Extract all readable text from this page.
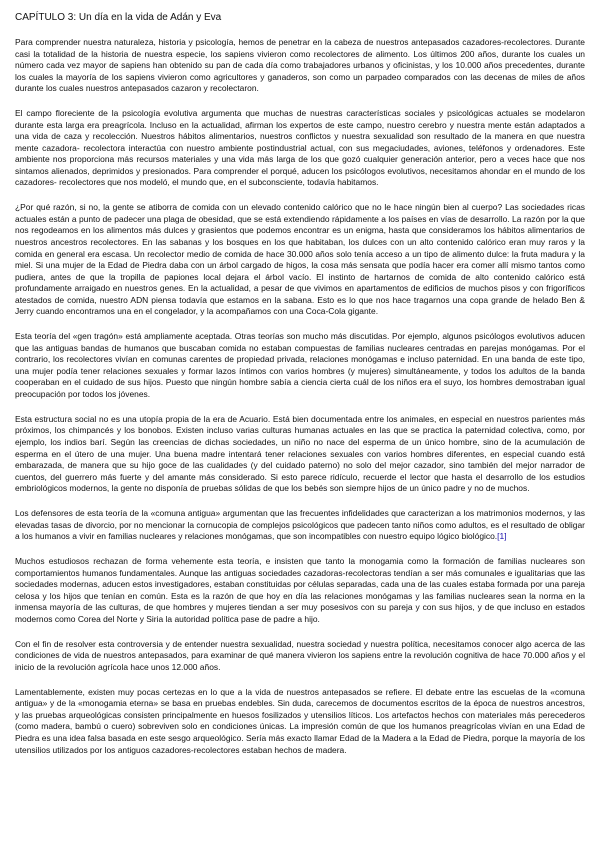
CAPÍTULO 3: Un día en la vida de Adán y Eva

Para comprender nuestra naturaleza, historia y psicología, hemos de penetrar en la cabeza de nuestros antepasados cazadores-recolectores. Durante casi la totalidad de la historia de nuestra especie, los sapiens vivieron como recolectores de alimento. Los últimos 200 años, durante los cuales un número cada vez mayor de sapiens han obtenido su pan de cada día como trabajadores urbanos y oficinistas, y los 10.000 años precedentes, durante los cuales la mayoría de los sapiens vivieron como agricultores y ganaderos, son como un parpadeo comparados con las decenas de miles de años durante los cuales nuestros antepasados cazaron y recolectaron.

El campo floreciente de la psicología evolutiva argumenta que muchas de nuestras características sociales y psicológicas actuales se modelaron durante esta larga era preagrícola. Incluso en la actualidad, afirman los expertos de este campo, nuestro cerebro y nuestra mente están adaptados a una vida de caza y recolección. Nuestros hábitos alimentarios, nuestros conflictos y nuestra sexualidad son resultado de la manera en que nuestra mente cazadora- recolectora interactúa con nuestro ambiente postindustrial actual, con sus megaciudades, aviones, teléfonos y ordenadores. Este ambiente nos proporciona más recursos materiales y una vida más larga de los que gozó cualquier generación anterior, pero a veces hace que nos sintamos alienados, deprimidos y presionados. Para comprender el porqué, aducen los psicólogos evolutivos, necesitamos ahondar en el mundo de los cazadores- recolectores que nos modeló, el mundo que, en el subconsciente, todavía habitamos.

¿Por qué razón, si no, la gente se atiborra de comida con un elevado contenido calórico que no le hace ningún bien al cuerpo? Las sociedades ricas actuales están a punto de padecer una plaga de obesidad, que se está extendiendo rápidamente a los países en vías de desarrollo. La razón por la que nos regodeamos en los alimentos más dulces y grasientos que podemos encontrar es un enigma, hasta que consideramos los hábitos alimentarios de nuestros ancestros recolectores. En las sabanas y los bosques en los que habitaban, los dulces con un alto contenido calórico eran muy raros y la comida en general era escasa. Un recolector medio de comida de hace 30.000 años solo tenía acceso a un tipo de alimento dulce: la fruta madura y la miel. Si una mujer de la Edad de Piedra daba con un árbol cargado de higos, la cosa más sensata que podía hacer era comer allí mismo tantos como pudiera, antes de que la tropilla de papiones local dejara el árbol vacío. El instinto de hartarnos de comida de alto contenido calórico está profundamente arraigado en nuestros genes. En la actualidad, a pesar de que vivimos en apartamentos de edificios de muchos pisos y con frigoríficos atestados de comida, nuestro ADN piensa todavía que estamos en la sabana. Esto es lo que nos hace tragarnos una copa grande de helado Ben & Jerry cuando encontramos una en el congelador, y la acompañamos con una Coca-Cola gigante.

Esta teoría del «gen tragón» está ampliamente aceptada. Otras teorías son mucho más discutidas. Por ejemplo, algunos psicólogos evolutivos aducen que las antiguas bandas de humanos que buscaban comida no estaban compuestas de familias nucleares centradas en parejas monógamas. Por el contrario, los recolectores vivían en comunas carentes de propiedad privada, relaciones monógamas e incluso paternidad. En una banda de este tipo, una mujer podía tener relaciones sexuales y formar lazos íntimos con varios hombres (y mujeres) simultáneamente, y todos los adultos de la banda cooperaban en el cuidado de sus hijos. Puesto que ningún hombre sabía a ciencia cierta cuál de los niños era el suyo, los hombres demostraban igual preocupación por todos los jóvenes.

Esta estructura social no es una utopía propia de la era de Acuario. Está bien documentada entre los animales, en especial en nuestros parientes más próximos, los chimpancés y los bonobos. Existen incluso varias culturas humanas actuales en las que se practica la paternidad colectiva, como, por ejemplo, los indios barí. Según las creencias de dichas sociedades, un niño no nace del esperma de un único hombre, sino de la acumulación de esperma en el útero de una mujer. Una buena madre intentará tener relaciones sexuales con varios hombres diferentes, en especial cuando está embarazada, de manera que su hijo goce de las cualidades (y del cuidado paterno) no solo del mejor cazador, sino también del mejor narrador de cuentos, del guerrero más fuerte y del amante más considerado. Si esto parece ridículo, recuerde el lector que hasta el desarrollo de los estudios embriológicos modernos, la gente no disponía de pruebas sólidas de que los bebés son siempre hijos de un único padre y no de muchos.

Los defensores de esta teoría de la «comuna antigua» argumentan que las frecuentes infidelidades que caracterizan a los matrimonios modernos, y las elevadas tasas de divorcio, por no mencionar la cornucopia de complejos psicológicos que padecen tanto niños como adultos, es el resultado de obligar a los humanos a vivir en familias nucleares y relaciones monógamas, que son incompatibles con nuestro equipo lógico biológico.[1]

Muchos estudiosos rechazan de forma vehemente esta teoría, e insisten que tanto la monogamia como la formación de familias nucleares son comportamientos humanos fundamentales. Aunque las antiguas sociedades cazadoras-recolectoras tendían a ser más comunales e igualitarias que las sociedades modernas, aducen estos investigadores, estaban constituidas por células separadas, cada una de las cuales estaba formada por una pareja celosa y los hijos que tenían en común. Esta es la razón de que hoy en día las relaciones monógamas y las familias nucleares sean la norma en la inmensa mayoría de las culturas, de que hombres y mujeres tiendan a ser muy posesivos con su pareja y con sus hijos, y de que incluso en estados modernos como Corea del Norte y Siria la autoridad política pase de padre a hijo.

Con el fin de resolver esta controversia y de entender nuestra sexualidad, nuestra sociedad y nuestra política, necesitamos conocer algo acerca de las condiciones de vida de nuestros antepasados, para examinar de qué manera vivieron los sapiens entre la revolución cognitiva de hace 70.000 años y el inicio de la revolución agrícola hace unos 12.000 años.

Lamentablemente, existen muy pocas certezas en lo que a la vida de nuestros antepasados se refiere. El debate entre las escuelas de la «comuna antigua» y de la «monogamia eterna» se basa en pruebas endebles. Sin duda, carecemos de documentos escritos de la época de nuestros ancestros, y las pruebas arqueológicas consisten principalmente en huesos fosilizados y utensilios líticos. Los artefactos hechos con materiales más perecederos (como madera, bambú o cuero) sobreviven solo en condiciones únicas. La impresión común de que los humanos preagrícolas vivían en una Edad de Piedra es una idea falsa basada en este sesgo arqueológico. Sería más exacto llamar Edad de la Madera a la Edad de Piedra, porque la mayoría de los utensilios utilizados por los antiguos cazadores-recolectores estaban hechos de madera.
